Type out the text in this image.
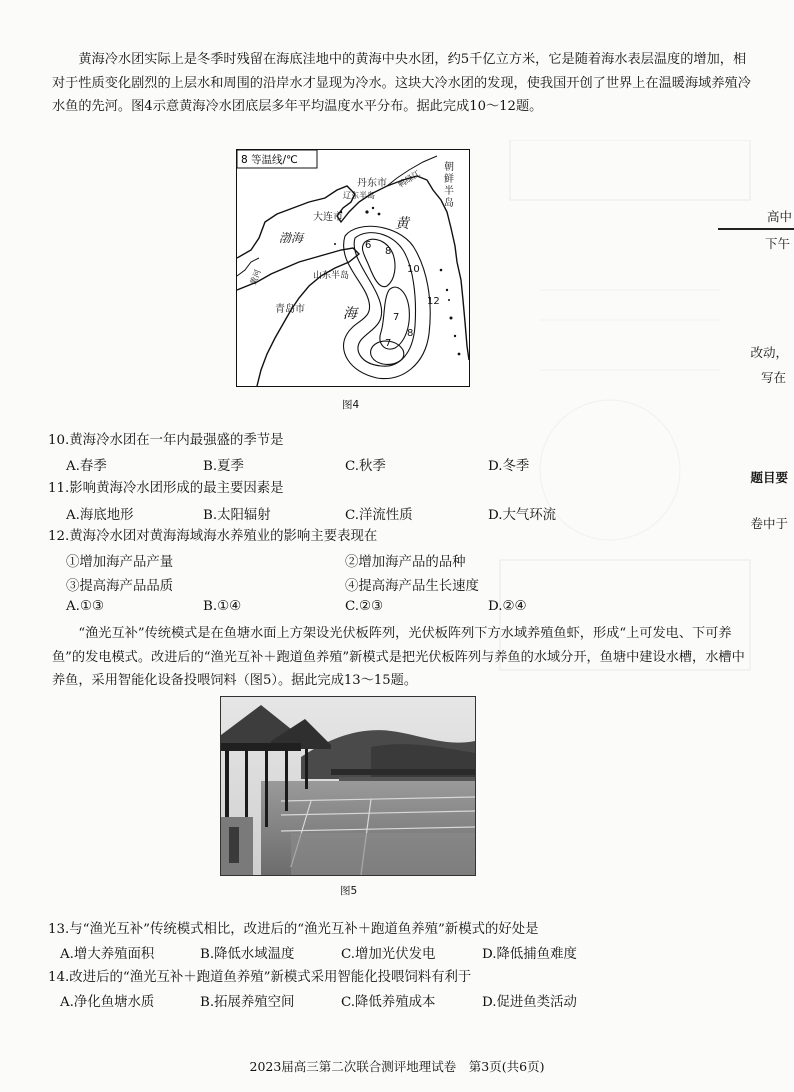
　　黄海冷水团实际上是冬季时残留在海底洼地中的黄海中央水团，约5千亿立方米，它是随着海水表层温度的增加，相对于性质变化剧烈的上层水和周围的沿岸水才显现为冷水。这块大冷水团的发现，使我国开创了世界上在温暖海域养殖冷水鱼的先河。图4示意黄海冷水团底层多年平均温度水平分布。据此完成10～12题。
8 等温线/℃
丹东市 鸭绿江
辽东半岛
大连市
渤海
黄
海
山东半岛
黄河
青岛市
6
8
10
12
7
8
7
朝鲜半岛
图4
10.黄海冷水团在一年内最强盛的季节是
A.春季	B.夏季	C.秋季	D.冬季
11.影响黄海冷水团形成的最主要因素是
A.海底地形	B.太阳辐射	C.洋流性质	D.大气环流
12.黄海冷水团对黄海海域海水养殖业的影响主要表现在
①增加海产品产量	②增加海产品的品种
③提高海产品品质	④提高海产品生长速度
A.①③	B.①④	C.②③	D.②④
　　“渔光互补”传统模式是在鱼塘水面上方架设光伏板阵列，光伏板阵列下方水域养殖鱼虾，形成“上可发电、下可养鱼”的发电模式。改进后的“渔光互补＋跑道鱼养殖”新模式是把光伏板阵列与养鱼的水域分开，鱼塘中建设水槽，水槽中养鱼，采用智能化设备投喂饲料（图5）。据此完成13～15题。
图5
13.与“渔光互补”传统模式相比，改进后的“渔光互补＋跑道鱼养殖”新模式的好处是
A.增大养殖面积	B.降低水域温度	C.增加光伏发电	D.降低捕鱼难度
14.改进后的“渔光互补＋跑道鱼养殖”新模式采用智能化投喂饲料有利于
A.净化鱼塘水质	B.拓展养殖空间	C.降低养殖成本	D.促进鱼类活动
2023届高三第二次联合测评地理试卷　第3页(共6页)
高中
下午
改动，
写在
题目要
卷中于
